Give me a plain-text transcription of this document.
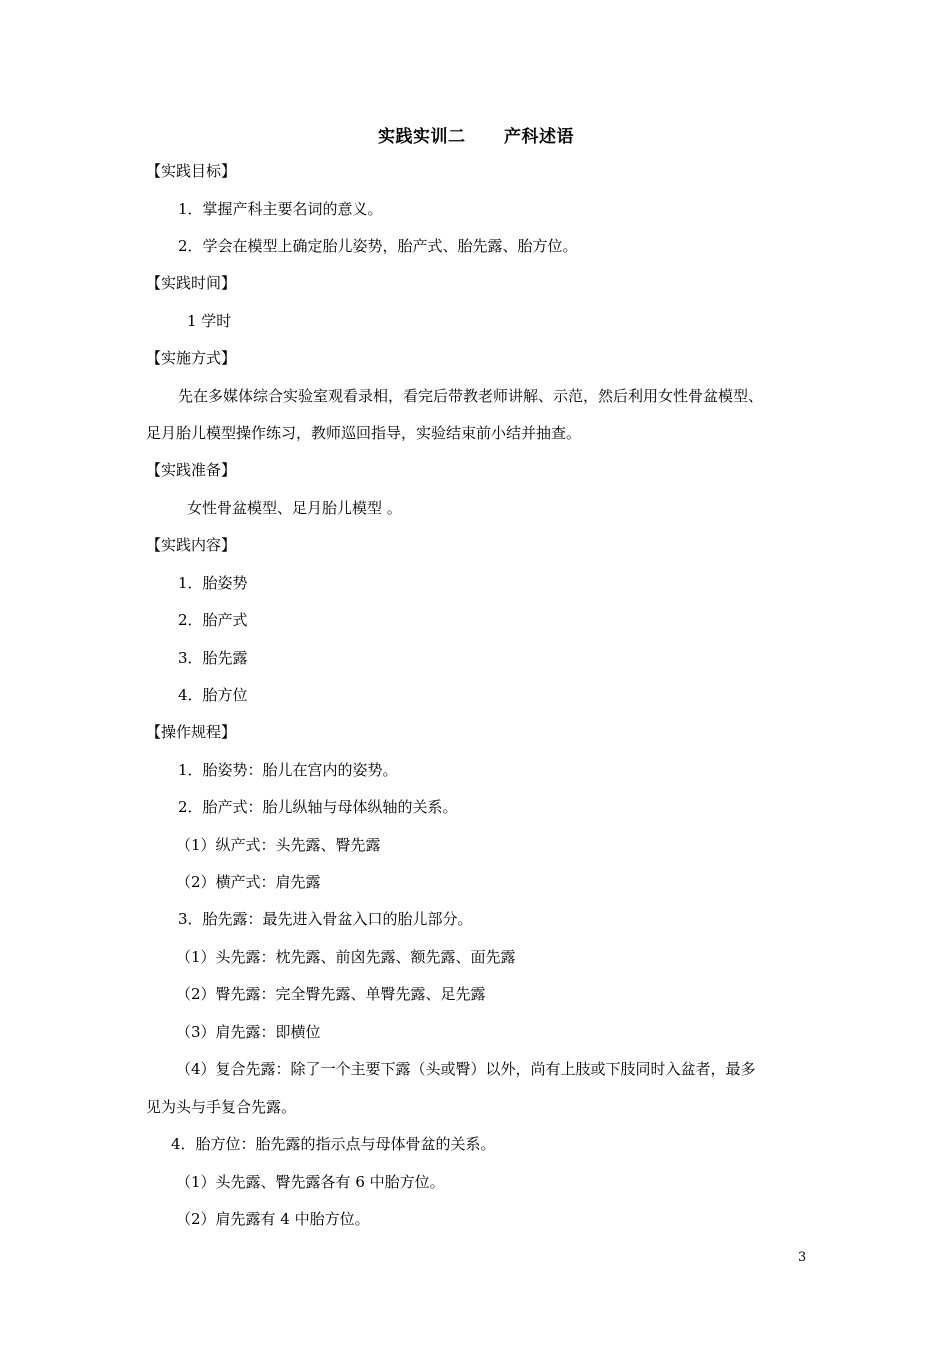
实践实训二      产科述语
【实践目标】
1．掌握产科主要名词的意义。
2．学会在模型上确定胎儿姿势，胎产式、胎先露、胎方位。
【实践时间】
1 学时
【实施方式】
先在多媒体综合实验室观看录相，看完后带教老师讲解、示范，然后利用女性骨盆模型、
足月胎儿模型操作练习，教师巡回指导，实验结束前小结并抽查。
【实践准备】
女性骨盆模型、足月胎儿模型 。
【实践内容】
1．胎姿势
2．胎产式
3．胎先露
4．胎方位
【操作规程】
1．胎姿势：胎儿在宫内的姿势。
2．胎产式：胎儿纵轴与母体纵轴的关系。
（1）纵产式：头先露、臀先露
（2）横产式：肩先露
3．胎先露：最先进入骨盆入口的胎儿部分。
（1）头先露：枕先露、前囟先露、额先露、面先露
（2）臀先露：完全臀先露、单臀先露、足先露
（3）肩先露：即横位
（4）复合先露：除了一个主要下露（头或臀）以外，尚有上肢或下肢同时入盆者，最多
见为头与手复合先露。
4．胎方位：胎先露的指示点与母体骨盆的关系。
（1）头先露、臀先露各有 6 中胎方位。
（2）肩先露有 4 中胎方位。
3
